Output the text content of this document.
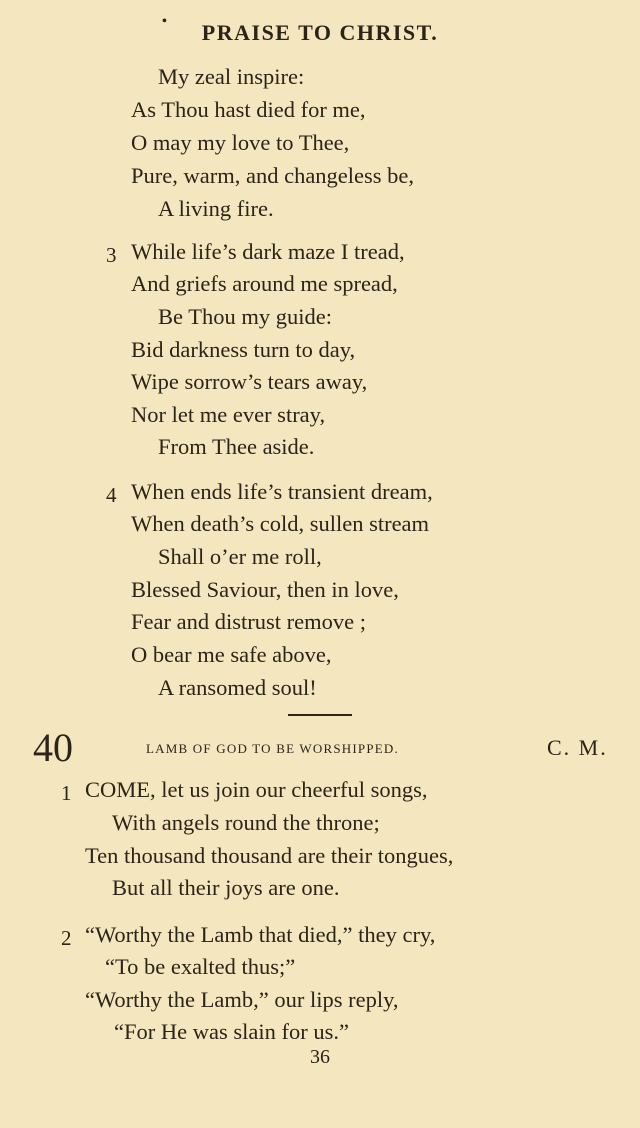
• PRAISE TO CHRIST.
My zeal inspire:
As Thou hast died for me,
O may my love to Thee,
Pure, warm, and changeless be,
A living fire.
3 While life’s dark maze I tread,
And griefs around me spread,
Be Thou my guide:
Bid darkness turn to day,
Wipe sorrow’s tears away,
Nor let me ever stray,
From Thee aside.
4 When ends life’s transient dream,
When death’s cold, sullen stream
Shall o’er me roll,
Blessed Saviour, then in love,
Fear and distrust remove ;
O bear me safe above,
A ransomed soul!
40	LAMB OF GOD TO BE WORSHIPPED.	C. M.
1 COME, let us join our cheerful songs,
With angels round the throne;
Ten thousand thousand are their tongues,
But all their joys are one.
2 “Worthy the Lamb that died,” they cry,
“To be exalted thus;”
“Worthy the Lamb,” our lips reply,
“For He was slain for us.”
36
